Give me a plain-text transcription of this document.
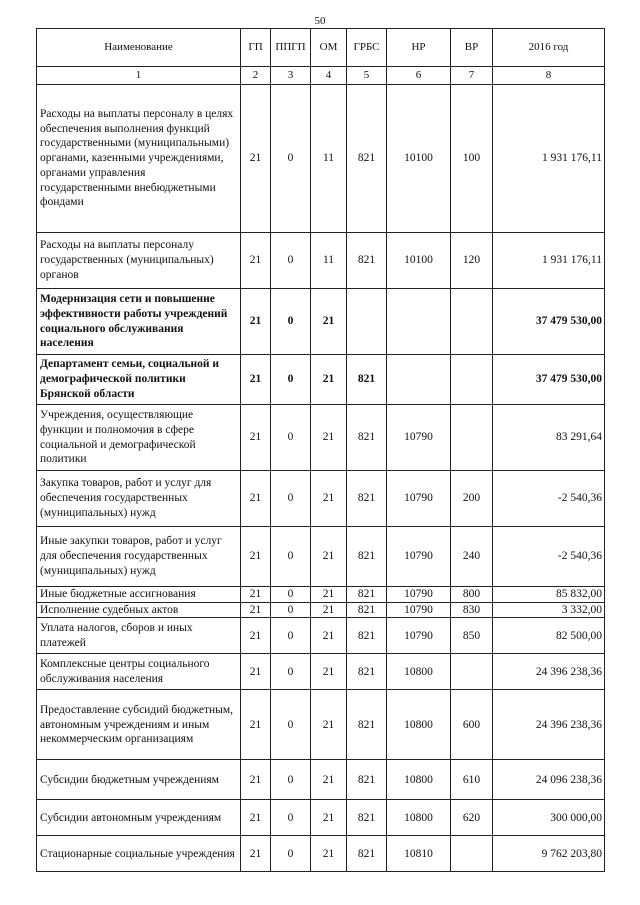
50
Наименование	ГП	ППГП	ОМ	ГРБС	НР	ВР	2016 год
1	2	3	4	5	6	7	8
Расходы на выплаты персоналу в целях обеспечения выполнения функций государственными (муниципальными) органами, казенными учреждениями, органами управления государственными внебюджетными фондами	21	0	11	821	10100	100	1 931 176,11
Расходы на выплаты персоналу государственных (муниципальных) органов	21	0	11	821	10100	120	1 931 176,11
Модернизация сети и повышение эффективности работы учреждений социального обслуживания населения	21	0	21				37 479 530,00
Департамент семьи, социальной и демографической политики Брянской области	21	0	21	821			37 479 530,00
Учреждения, осуществляющие функции и полномочия в сфере социальной и демографической политики	21	0	21	821	10790		83 291,64
Закупка товаров, работ и услуг для обеспечения государственных (муниципальных) нужд	21	0	21	821	10790	200	-2 540,36
Иные закупки товаров, работ и услуг для обеспечения государственных (муниципальных) нужд	21	0	21	821	10790	240	-2 540,36
Иные бюджетные ассигнования	21	0	21	821	10790	800	85 832,00
Исполнение судебных актов	21	0	21	821	10790	830	3 332,00
Уплата налогов, сборов и иных платежей	21	0	21	821	10790	850	82 500,00
Комплексные центры социального обслуживания населения	21	0	21	821	10800		24 396 238,36
Предоставление субсидий бюджетным, автономным учреждениям и иным некоммерческим организациям	21	0	21	821	10800	600	24 396 238,36
Субсидии бюджетным учреждениям	21	0	21	821	10800	610	24 096 238,36
Субсидии автономным учреждениям	21	0	21	821	10800	620	300 000,00
Стационарные социальные учреждения	21	0	21	821	10810		9 762 203,80
